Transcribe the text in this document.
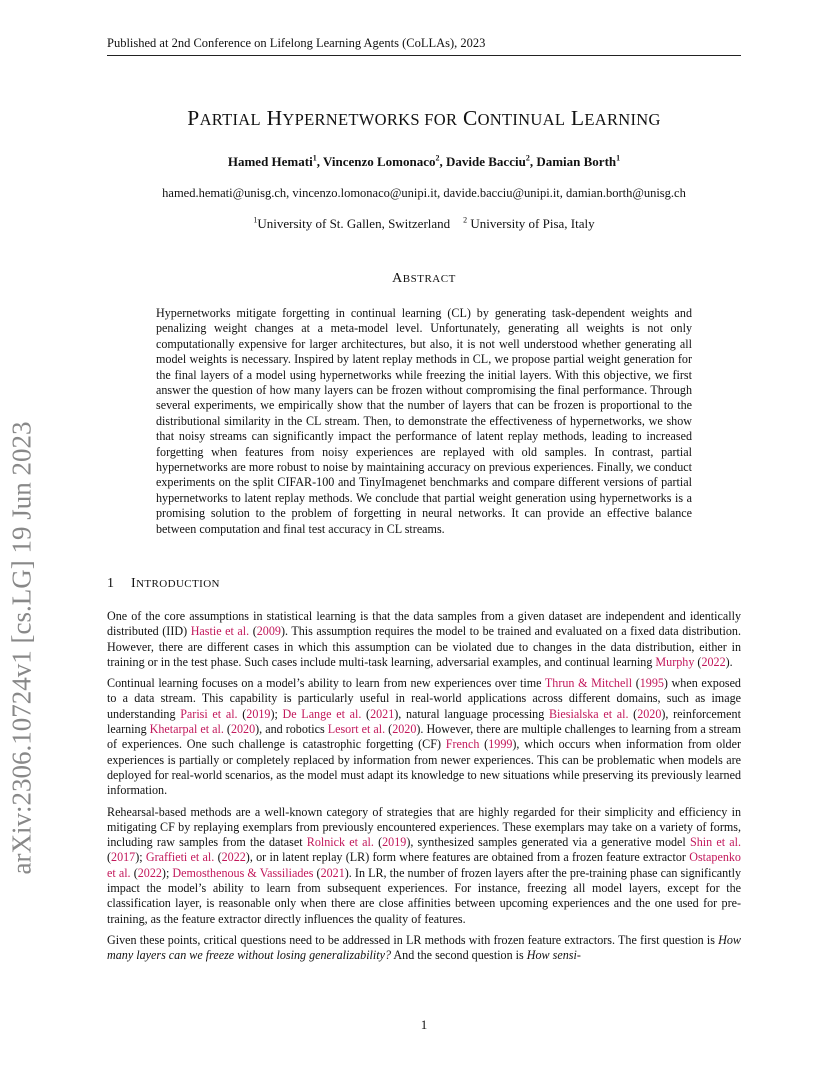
Published at 2nd Conference on Lifelong Learning Agents (CoLLAs), 2023
arXiv:2306.10724v1 [cs.LG] 19 Jun 2023
PARTIAL HYPERNETWORKS FOR CONTINUAL LEARNING
Hamed Hemati$^1$, Vincenzo Lomonaco$^2$, Davide Bacciu$^2$, Damian Borth$^1$
hamed.hemati@unisg.ch, vincenzo.lomonaco@unipi.it, davide.bacciu@unipi.it, damian.borth@unisg.ch
$^1$University of St. Gallen, Switzerland $^2$ University of Pisa, Italy
ABSTRACT

Hypernetworks mitigate forgetting in continual learning (CL) by generating task-dependent weights and penalizing weight changes at a meta-model level. Unfortunately, generating all weights is not only computationally expensive for larger architectures, but also, it is not well understood whether generating all model weights is necessary. Inspired by latent replay methods in CL, we propose partial weight generation for the final layers of a model using hypernetworks while freezing the initial layers. With this objective, we first answer the question of how many layers can be frozen without compromising the final performance. Through several experiments, we empirically show that the number of layers that can be frozen is proportional to the distributional similarity in the CL stream. Then, to demonstrate the effectiveness of hypernetworks, we show that noisy streams can significantly impact the performance of latent replay methods, leading to increased forgetting when features from noisy experiences are replayed with old samples. In contrast, partial hypernetworks are more robust to noise by maintaining accuracy on previous experiences. Finally, we conduct experiments on the split CIFAR-100 and TinyImagenet benchmarks and compare different versions of partial hypernetworks to latent replay methods. We conclude that partial weight generation using hypernetworks is a promising solution to the problem of forgetting in neural networks. It can provide an effective balance between computation and final test accuracy in CL streams.

1 INTRODUCTION

One of the core assumptions in statistical learning is that the data samples from a given dataset are independent and identically distributed (IID) Hastie et al. (2009). This assumption requires the model to be trained and evaluated on a fixed data distribution. However, there are different cases in which this assumption can be violated due to changes in the data distribution, either in training or in the test phase. Such cases include multi-task learning, adversarial examples, and continual learning Murphy (2022).

Continual learning focuses on a model’s ability to learn from new experiences over time Thrun & Mitchell (1995) when exposed to a data stream. This capability is particularly useful in real-world applications across different domains, such as image understanding Parisi et al. (2019); De Lange et al. (2021), natural language processing Biesialska et al. (2020), reinforcement learning Khetarpal et al. (2020), and robotics Lesort et al. (2020). However, there are multiple challenges to learning from a stream of experiences. One such challenge is catastrophic forgetting (CF) French (1999), which occurs when information from older experiences is partially or completely replaced by information from newer experiences. This can be problematic when models are deployed for real-world scenarios, as the model must adapt its knowledge to new situations while preserving its previously learned information.

Rehearsal-based methods are a well-known category of strategies that are highly regarded for their simplicity and efficiency in mitigating CF by replaying exemplars from previously encountered experiences. These exemplars may take on a variety of forms, including raw samples from the dataset Rolnick et al. (2019), synthesized samples generated via a generative model Shin et al. (2017); Graffieti et al. (2022), or in latent replay (LR) form where features are obtained from a frozen feature extractor Ostapenko et al. (2022); Demosthenous & Vassiliades (2021). In LR, the number of frozen layers after the pre-training phase can significantly impact the model’s ability to learn from subsequent experiences. For instance, freezing all model layers, except for the classification layer, is reasonable only when there are close affinities between upcoming experiences and the one used for pre-training, as the feature extractor directly influences the quality of features.

Given these points, critical questions need to be addressed in LR methods with frozen feature extractors. The first question is How many layers can we freeze without losing generalizability? And the second question is How sensi-

1
